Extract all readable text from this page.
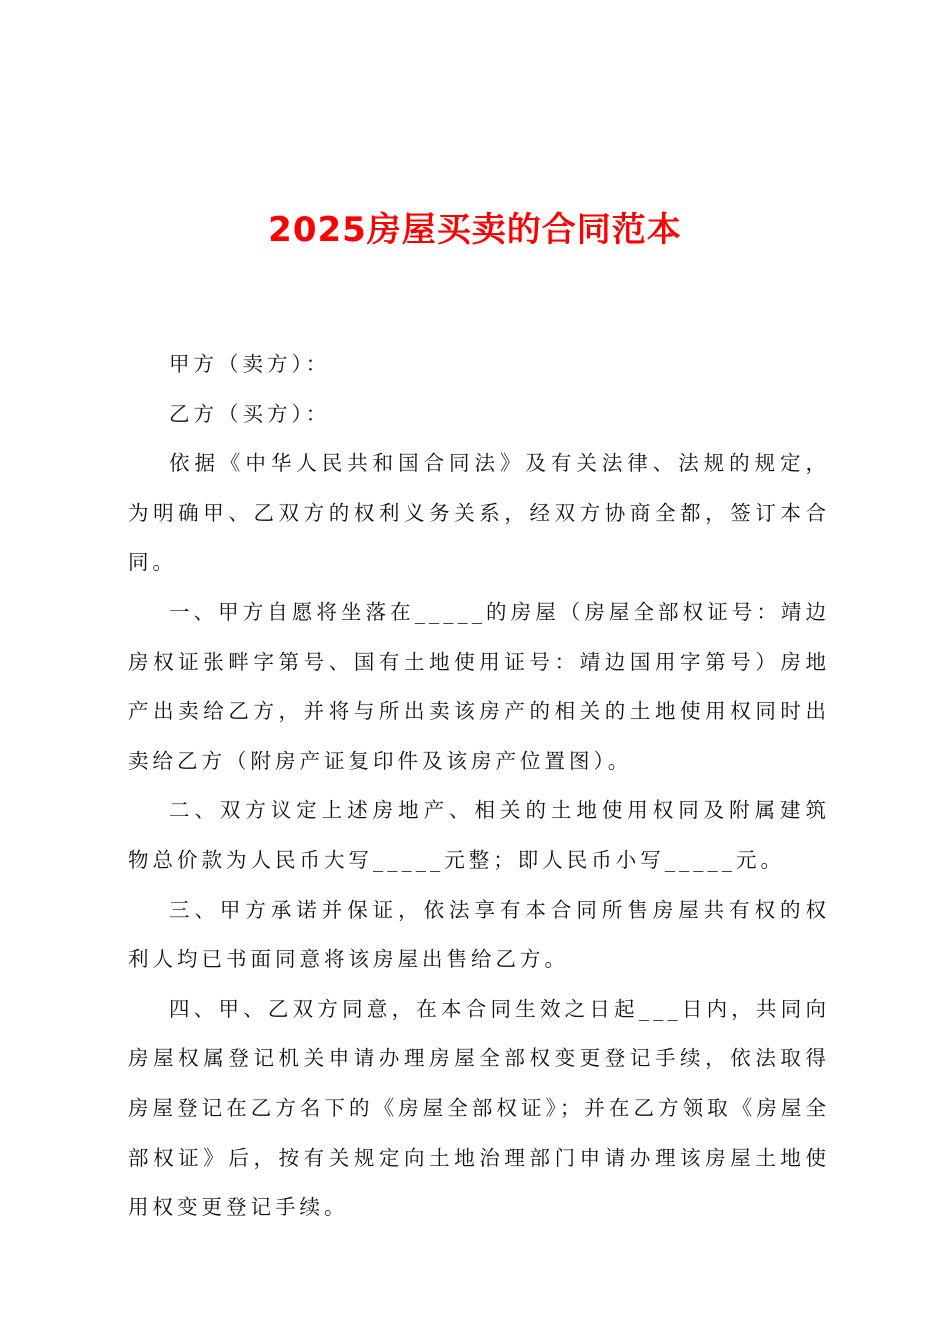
2025房屋买卖的合同范本

甲方（卖方）：

乙方（买方）：

依据《中华人民共和国合同法》及有关法律、法规的规定，为明确甲、乙双方的权利义务关系，经双方协商全都，签订本合同。

一、甲方自愿将坐落在_____的房屋（房屋全部权证号：靖边房权证张畔字第号、国有土地使用证号：靖边国用字第号）房地产出卖给乙方，并将与所出卖该房产的相关的土地使用权同时出卖给乙方（附房产证复印件及该房产位置图）。

二、双方议定上述房地产、相关的土地使用权同及附属建筑物总价款为人民币大写_____元整；即人民币小写_____元。

三、甲方承诺并保证，依法享有本合同所售房屋共有权的权利人均已书面同意将该房屋出售给乙方。

四、甲、乙双方同意，在本合同生效之日起___日内，共同向房屋权属登记机关申请办理房屋全部权变更登记手续，依法取得房屋登记在乙方名下的《房屋全部权证》；并在乙方领取《房屋全部权证》后，按有关规定向土地治理部门申请办理该房屋土地使用权变更登记手续。
